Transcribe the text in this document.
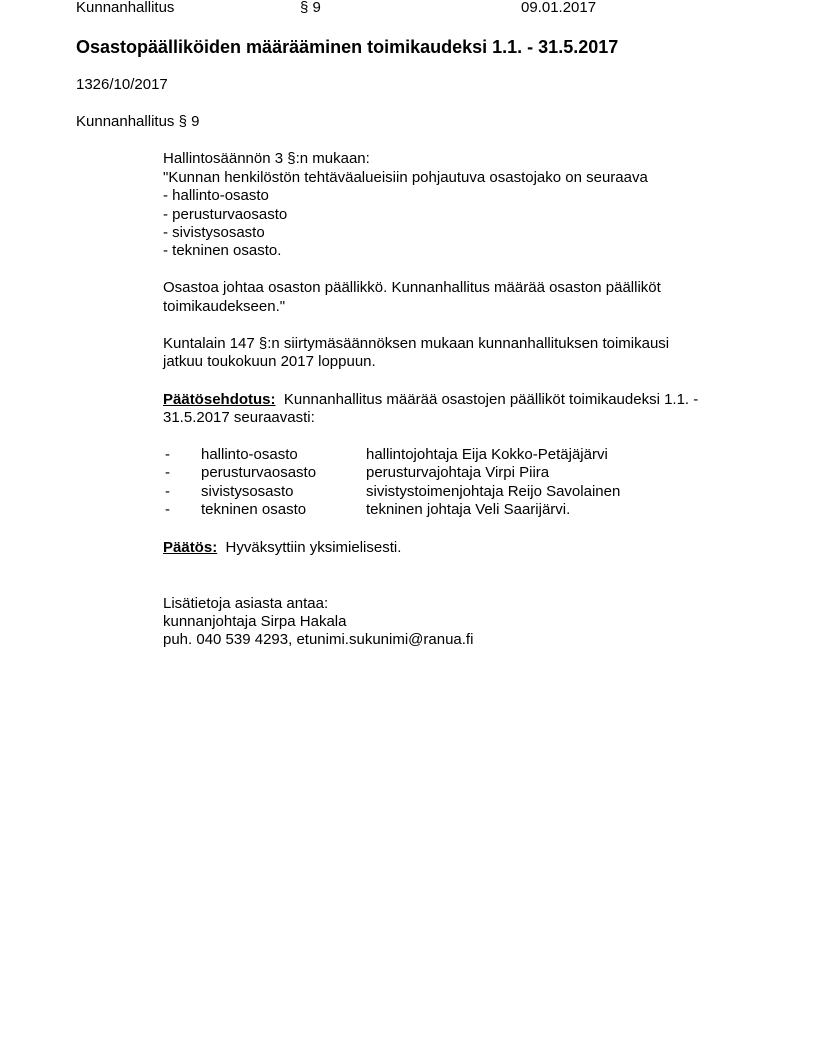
Kunnanhallitus	§ 9	09.01.2017
Osastopäälliköiden määrääminen toimikaudeksi 1.1. - 31.5.2017
1326/10/2017
Kunnanhallitus § 9
Hallintosäännön 3 §:n mukaan:
"Kunnan henkilöstön tehtäväalueisiin pohjautuva osastojako on seuraava
- hallinto-osasto
- perusturvaosasto
- sivistysosasto
- tekninen osasto.
Osastoa johtaa osaston päällikkö. Kunnanhallitus määrää osaston päälliköt
toimikaudekseen."
Kuntalain 147 §:n siirtymäsäännöksen mukaan kunnanhallituksen toimikausi
jatkuu toukokuun 2017 loppuun.
Päätösehdotus: Kunnanhallitus määrää osastojen päälliköt toimikaudeksi 1.1. -
31.5.2017 seuraavasti:
- hallinto-osasto	hallintojohtaja Eija Kokko-Petäjäjärvi
- perusturvaosasto	perusturvajohtaja Virpi Piira
- sivistysosasto	sivistystoimenjohtaja Reijo Savolainen
- tekninen osasto	tekninen johtaja Veli Saarijärvi.
Päätös: Hyväksyttiin yksimielisesti.
Lisätietoja asiasta antaa:
kunnanjohtaja Sirpa Hakala
puh. 040 539 4293, etunimi.sukunimi@ranua.fi
